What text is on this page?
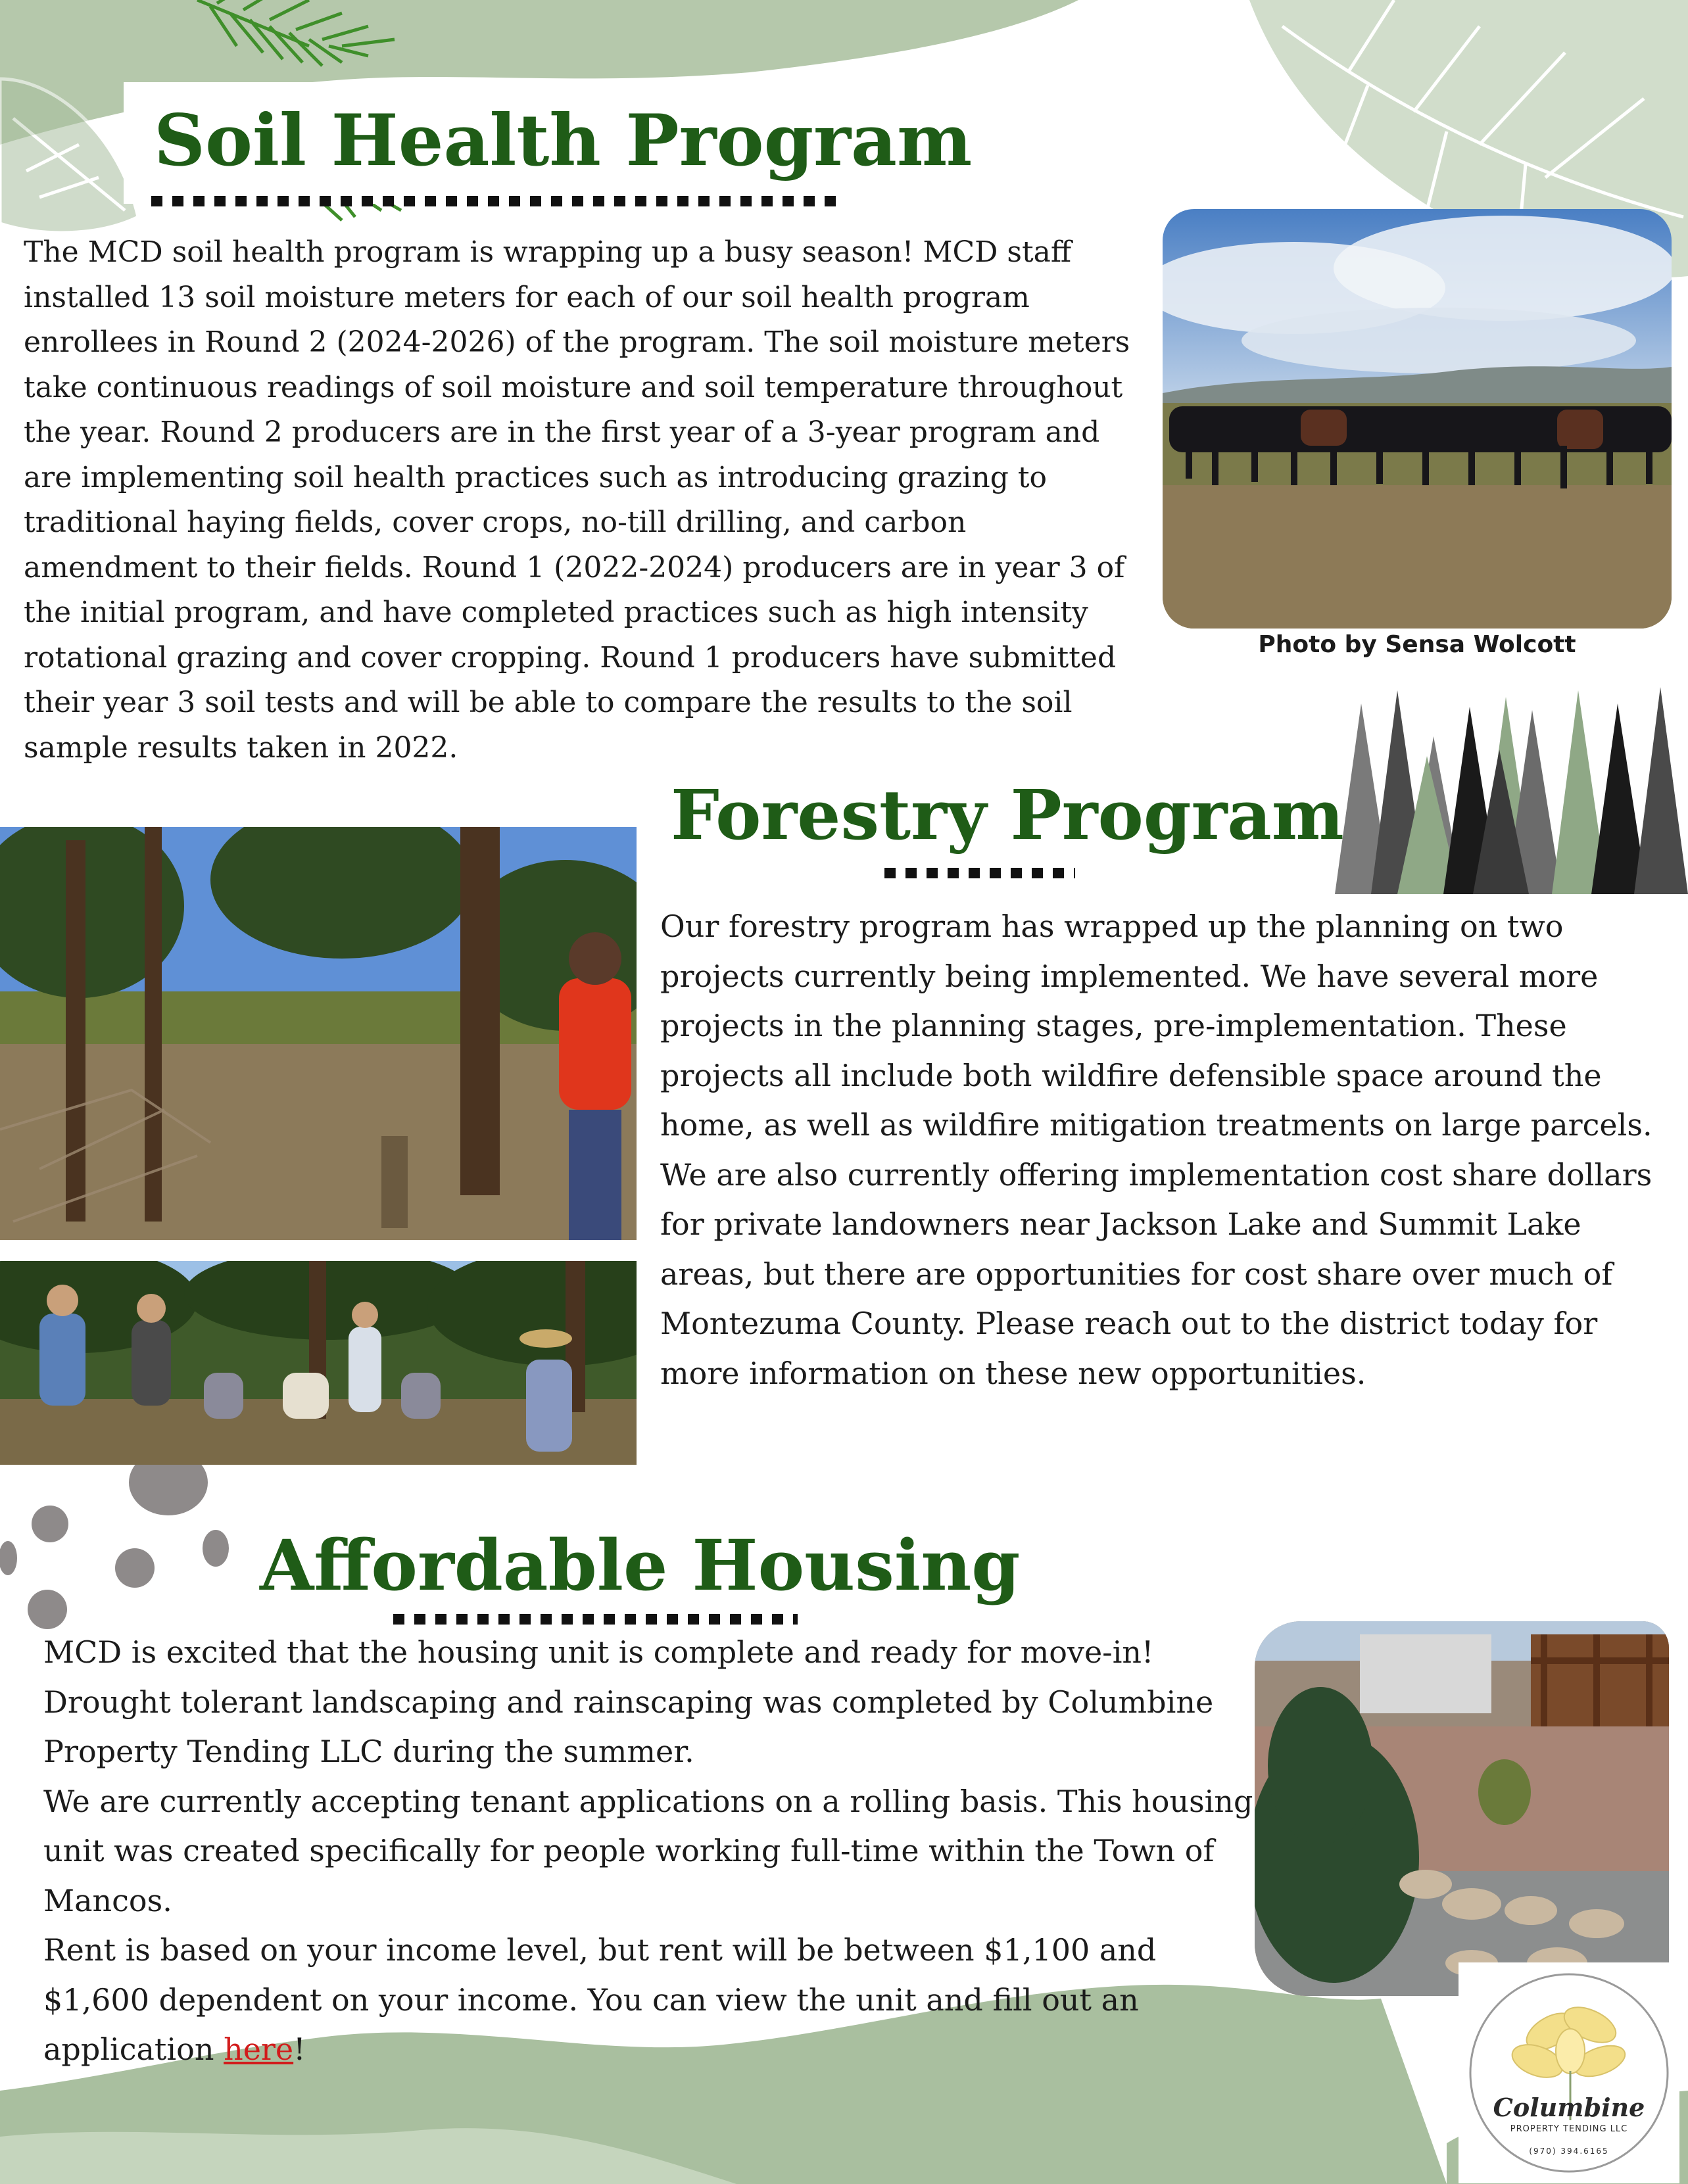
Soil Health Program

The MCD soil health program is wrapping up a busy season! MCD staff installed 13 soil moisture meters for each of our soil health program enrollees in Round 2 (2024-2026) of the program. The soil moisture meters take continuous readings of soil moisture and soil temperature throughout the year. Round 2 producers are in the first year of a 3-year program and are implementing soil health practices such as introducing grazing to traditional haying fields, cover crops, no-till drilling, and carbon amendment to their fields. Round 1 (2022-2024) producers are in year 3 of the initial program, and have completed practices such as high intensity rotational grazing and cover cropping. Round 1 producers have submitted their year 3 soil tests and will be able to compare the results to the soil sample results taken in 2022.

Photo by Sensa Wolcott
Forestry Program

Our forestry program has wrapped up the planning on two projects currently being implemented. We have several more projects in the planning stages, pre-implementation. These projects all include both wildfire defensible space around the home, as well as wildfire mitigation treatments on large parcels. We are also currently offering implementation cost share dollars for private landowners near Jackson Lake and Summit Lake areas, but there are opportunities for cost share over much of Montezuma County. Please reach out to the district today for more information on these new opportunities.

Affordable Housing
MCD is excited that the housing unit is complete and ready for move-in! Drought tolerant landscaping and rainscaping was completed by Columbine Property Tending LLC during the summer.
We are currently accepting tenant applications on a rolling basis. This housing unit was created specifically for people working full-time within the Town of Mancos.
Rent is based on your income level, but rent will be between $1,100 and $1,600 dependent on your income. You can view the unit and fill out an application here!
Columbine
PROPERTY TENDING LLC
(970) 394.6165
